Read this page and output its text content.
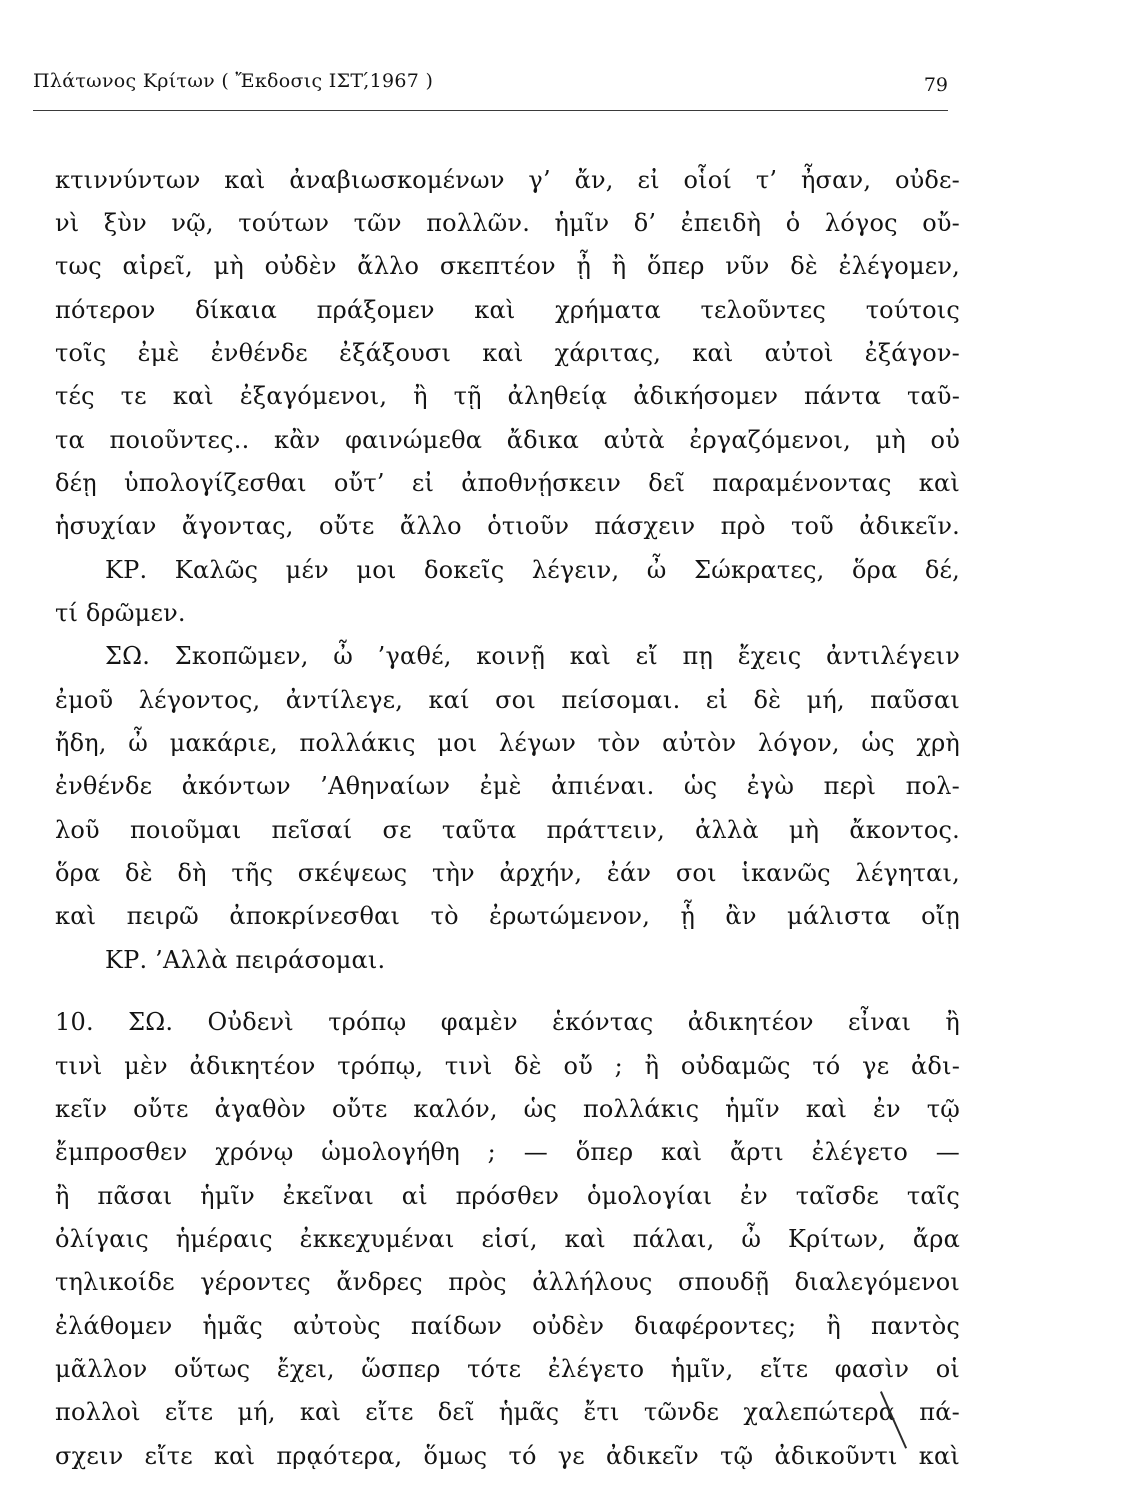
Πλάτωνος Κρίτων ( Ἔκδοσις ΙΣΤ,́1967 )	79
κτιννύντων καὶ ἀναβιωσκομένων γ’ ἄν, εἰ οἷοί τ’ ἦσαν, οὐδε-
νὶ ξὺν νῷ, τούτων τῶν πολλῶν. ἡμῖν δ’ ἐπειδὴ ὁ λόγος οὔ-
τως αἱρεῖ, μὴ οὐδὲν ἄλλο σκεπτέον ᾖ ἢ ὅπερ νῦν δὲ ἐλέγομεν,
πότερον δίκαια πράξομεν καὶ χρήματα τελοῦντες τούτοις
τοῖς ἐμὲ ἐνθένδε ἐξάξουσι καὶ χάριτας, καὶ αὐτοὶ ἐξάγον-
τές τε καὶ ἐξαγόμενοι, ἢ τῇ ἀληθείᾳ ἀδικήσομεν πάντα ταῦ-
τα ποιοῦντες.. κἂν φαινώμεθα ἄδικα αὐτὰ ἐργαζόμενοι, μὴ οὐ
δέῃ ὑπολογίζεσθαι οὔτ’ εἰ ἀποθνῄσκειν δεῖ παραμένοντας καὶ
ἡσυχίαν ἄγοντας, οὔτε ἄλλο ὁτιοῦν πάσχειν πρὸ τοῦ ἀδικεῖν.
ΚΡ. Καλῶς μέν μοι δοκεῖς λέγειν, ὦ Σώκρατες, ὅρα δέ,
τί δρῶμεν.
ΣΩ. Σκοπῶμεν, ὦ ’γαθέ, κοινῇ καὶ εἴ πῃ ἔχεις ἀντιλέγειν
ἐμοῦ λέγοντος, ἀντίλεγε, καί σοι πείσομαι. εἰ δὲ μή, παῦσαι
ἤδη, ὦ μακάριε, πολλάκις μοι λέγων τὸν αὐτὸν λόγον, ὡς χρὴ
ἐνθένδε ἀκόντων ’Αθηναίων ἐμὲ ἀπιέναι. ὡς ἐγὼ περὶ πολ-
λοῦ ποιοῦμαι πεῖσαί σε ταῦτα πράττειν, ἀλλὰ μὴ ἄκοντος.
ὅρα δὲ δὴ τῆς σκέψεως τὴν ἀρχήν, ἐάν σοι ἱκανῶς λέγηται,
καὶ πειρῶ ἀποκρίνεσθαι τὸ ἐρωτώμενον, ᾗ ἂν μάλιστα οἴῃ
ΚΡ. ’Αλλὰ πειράσομαι.
10. ΣΩ. Οὐδενὶ τρόπῳ φαμὲν ἑκόντας ἀδικητέον εἶναι ἢ
τινὶ μὲν ἀδικητέον τρόπῳ, τινὶ δὲ οὔ ; ἢ οὐδαμῶς τό γε ἀδι-
κεῖν οὔτε ἀγαθὸν οὔτε καλόν, ὡς πολλάκις ἡμῖν καὶ ἐν τῷ
ἔμπροσθεν χρόνῳ ὡμολογήθη ; — ὅπερ καὶ ἄρτι ἐλέγετο —
ἢ πᾶσαι ἡμῖν ἐκεῖναι αἱ πρόσθεν ὁμολογίαι ἐν ταῖσδε ταῖς
ὀλίγαις ἡμέραις ἐκκεχυμέναι εἰσί, καὶ πάλαι, ὦ Κρίτων, ἄρα
τηλικοίδε γέροντες ἄνδρες πρὸς ἀλλήλους σπουδῇ διαλεγόμενοι
ἐλάθομεν ἡμᾶς αὐτοὺς παίδων οὐδὲν διαφέροντες; ἢ παντὸς
μᾶλλον οὕτως ἔχει, ὥσπερ τότε ἐλέγετο ἡμῖν, εἴτε φασὶν οἱ
πολλοὶ εἴτε μή, καὶ εἴτε δεῖ ἡμᾶς ἔτι τῶνδε χαλεπώτερα πά-
σχειν εἴτε καὶ πρᾳότερα, ὅμως τό γε ἀδικεῖν τῷ ἀδικοῦντι καὶ
